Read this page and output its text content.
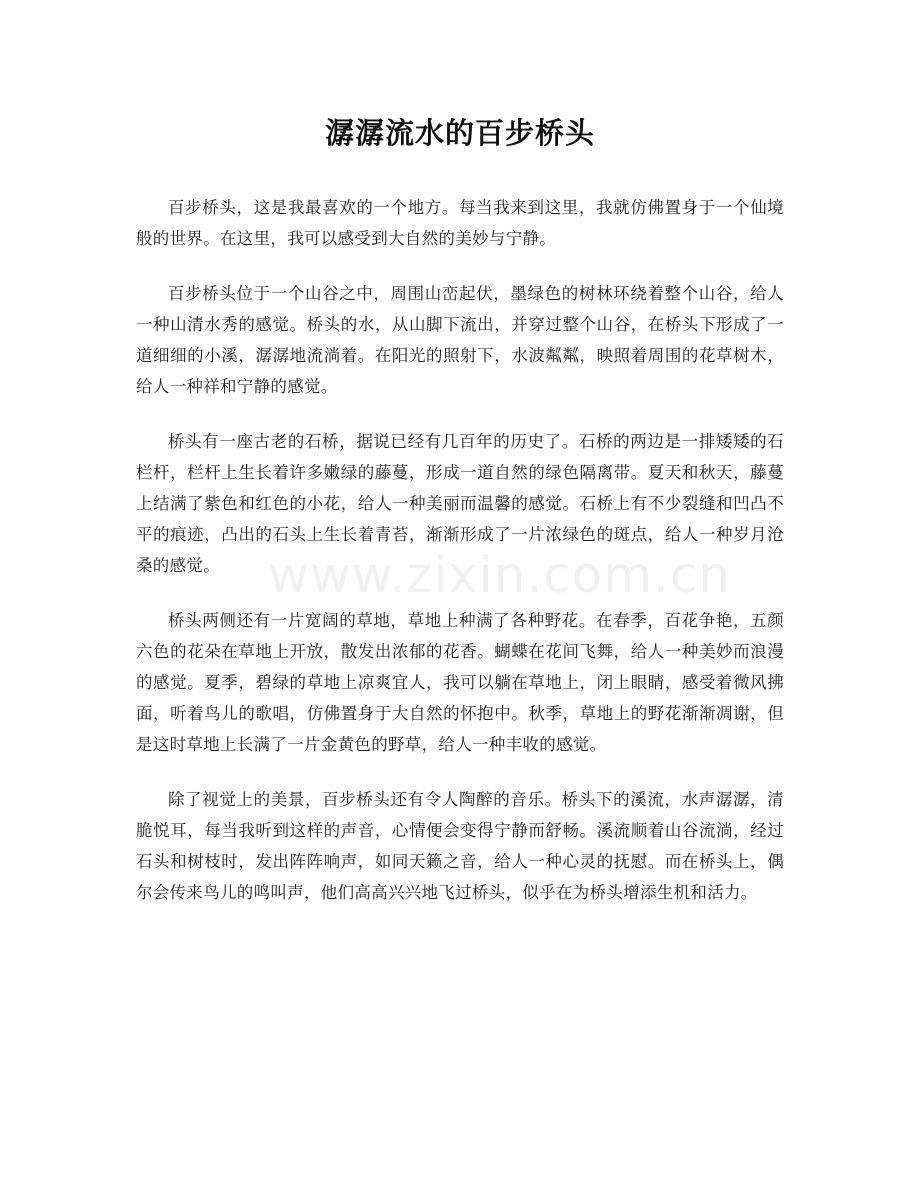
潺潺流水的百步桥头

百步桥头，这是我最喜欢的一个地方。每当我来到这里，我就仿佛置身于一个仙境般的世界。在这里，我可以感受到大自然的美妙与宁静。

百步桥头位于一个山谷之中，周围山峦起伏，墨绿色的树林环绕着整个山谷，给人一种山清水秀的感觉。桥头的水，从山脚下流出，并穿过整个山谷，在桥头下形成了一道细细的小溪，潺潺地流淌着。在阳光的照射下，水波粼粼，映照着周围的花草树木，给人一种祥和宁静的感觉。

桥头有一座古老的石桥，据说已经有几百年的历史了。石桥的两边是一排矮矮的石栏杆，栏杆上生长着许多嫩绿的藤蔓，形成一道自然的绿色隔离带。夏天和秋天，藤蔓上结满了紫色和红色的小花，给人一种美丽而温馨的感觉。石桥上有不少裂缝和凹凸不平的痕迹，凸出的石头上生长着青苔，渐渐形成了一片浓绿色的斑点，给人一种岁月沧桑的感觉。

桥头两侧还有一片宽阔的草地，草地上种满了各种野花。在春季，百花争艳，五颜六色的花朵在草地上开放，散发出浓郁的花香。蝴蝶在花间飞舞，给人一种美妙而浪漫的感觉。夏季，碧绿的草地上凉爽宜人，我可以躺在草地上，闭上眼睛，感受着微风拂面，听着鸟儿的歌唱，仿佛置身于大自然的怀抱中。秋季，草地上的野花渐渐凋谢，但是这时草地上长满了一片金黄色的野草，给人一种丰收的感觉。

除了视觉上的美景，百步桥头还有令人陶醉的音乐。桥头下的溪流，水声潺潺，清脆悦耳，每当我听到这样的声音，心情便会变得宁静而舒畅。溪流顺着山谷流淌，经过石头和树枝时，发出阵阵响声，如同天籁之音，给人一种心灵的抚慰。而在桥头上，偶尔会传来鸟儿的鸣叫声，他们高高兴兴地飞过桥头，似乎在为桥头增添生机和活力。

www.zixin.com.cn
